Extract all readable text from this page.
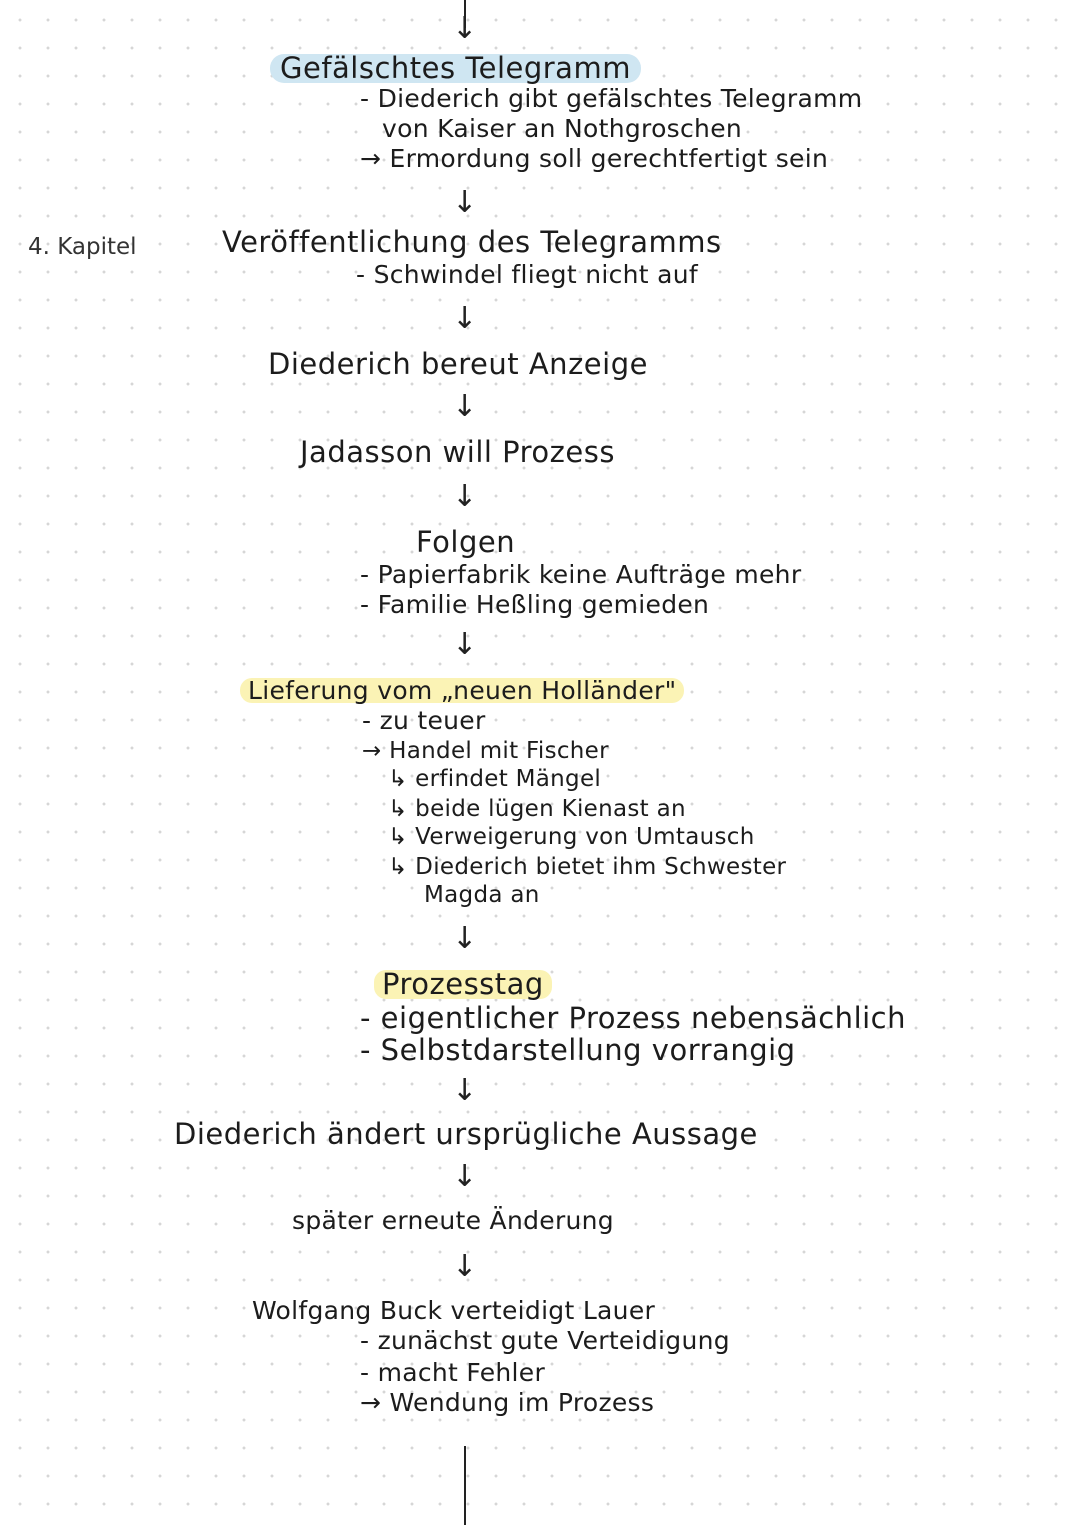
↓
Gefälschtes Telegramm
- Diederich gibt gefälschtes Telegramm
von Kaiser an Nothgroschen
→ Ermordung soll gerechtfertigt sein
↓
4. Kapitel	Veröffentlichung des Telegramms
- Schwindel fliegt nicht auf
↓
Diederich bereut Anzeige
↓
Jadasson will Prozess
↓
Folgen
- Papierfabrik keine Aufträge mehr
- Familie Heßling gemieden
↓
Lieferung vom „neuen Holländer"
- zu teuer
→ Handel mit Fischer
↳ erfindet Mängel
↳ beide lügen Kienast an
↳ Verweigerung von Umtausch
↳ Diederich bietet ihm Schwester
Magda an
↓
Prozesstag
- eigentlicher Prozess nebensächlich
- Selbstdarstellung vorrangig
↓
Diederich ändert ursprügliche Aussage
↓
später erneute Änderung
↓
Wolfgang Buck verteidigt Lauer
- zunächst gute Verteidigung
- macht Fehler
→ Wendung im Prozess
